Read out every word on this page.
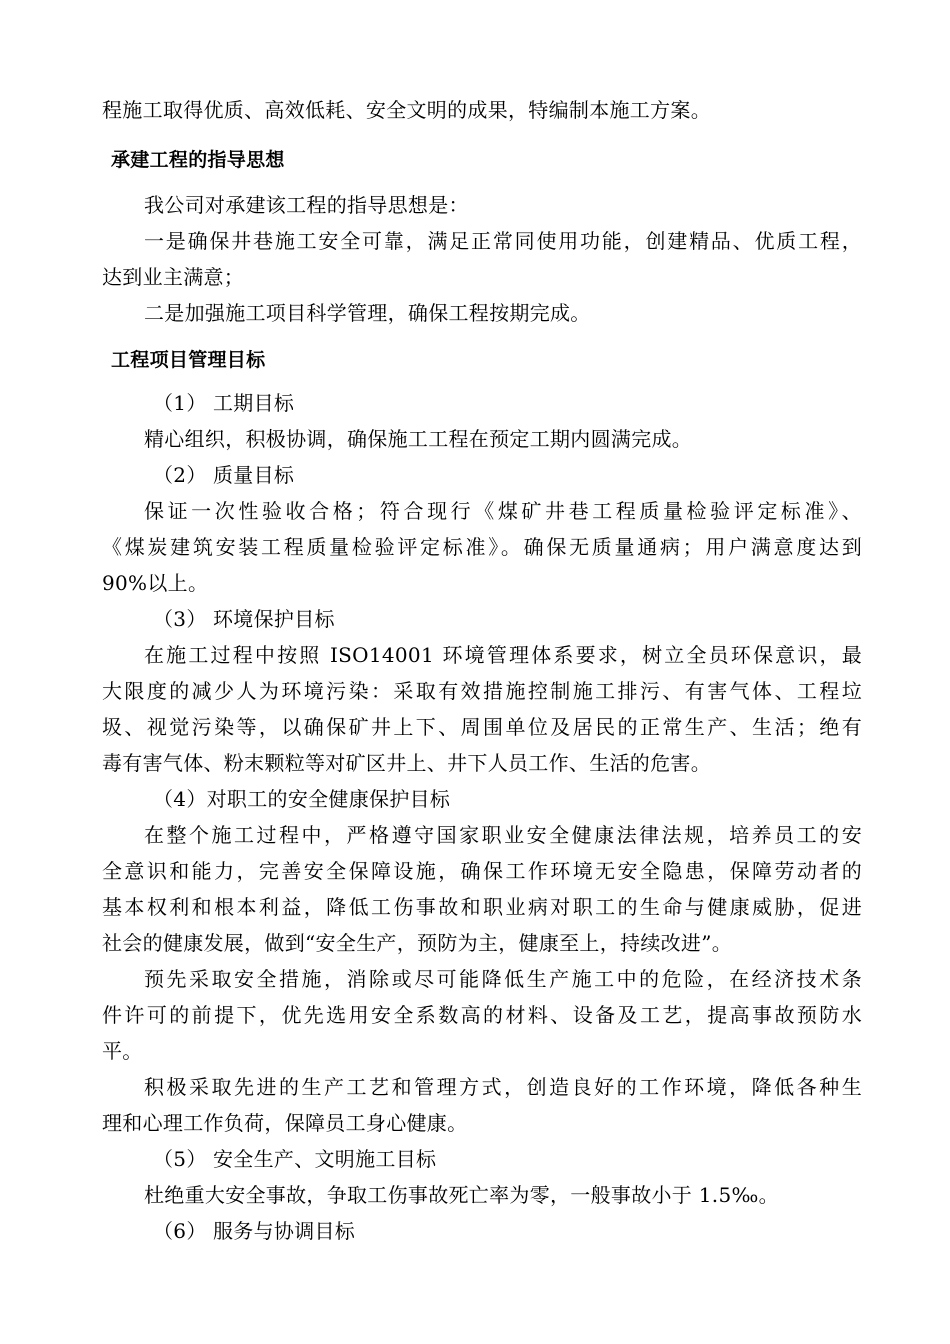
程施工取得优质、高效低耗、安全文明的成果，特编制本施工方案。
承建工程的指导思想
我公司对承建该工程的指导思想是：
一是确保井巷施工安全可靠，满足正常同使用功能，创建精品、优质工程，
达到业主满意；
二是加强施工项目科学管理，确保工程按期完成。
工程项目管理目标
（1） 工期目标
精心组织，积极协调，确保施工工程在预定工期内圆满完成。
（2） 质量目标
保证一次性验收合格；符合现行《煤矿井巷工程质量检验评定标准》、
《煤炭建筑安装工程质量检验评定标准》。确保无质量通病；用户满意度达到
90%以上。
（3） 环境保护目标
在施工过程中按照 ISO14001 环境管理体系要求，树立全员环保意识，最
大限度的减少人为环境污染：采取有效措施控制施工排污、有害气体、工程垃
圾、视觉污染等，以确保矿井上下、周围单位及居民的正常生产、生活；绝有
毒有害气体、粉末颗粒等对矿区井上、井下人员工作、生活的危害。
（4）对职工的安全健康保护目标
在整个施工过程中，严格遵守国家职业安全健康法律法规，培养员工的安
全意识和能力，完善安全保障设施，确保工作环境无安全隐患，保障劳动者的
基本权利和根本利益，降低工伤事故和职业病对职工的生命与健康威胁，促进
社会的健康发展，做到“安全生产，预防为主，健康至上，持续改进”。
预先采取安全措施，消除或尽可能降低生产施工中的危险，在经济技术条
件许可的前提下，优先选用安全系数高的材料、设备及工艺，提高事故预防水
平。
积极采取先进的生产工艺和管理方式，创造良好的工作环境，降低各种生
理和心理工作负荷，保障员工身心健康。
（5） 安全生产、文明施工目标
杜绝重大安全事故，争取工伤事故死亡率为零，一般事故小于 1.5‰。
（6） 服务与协调目标
